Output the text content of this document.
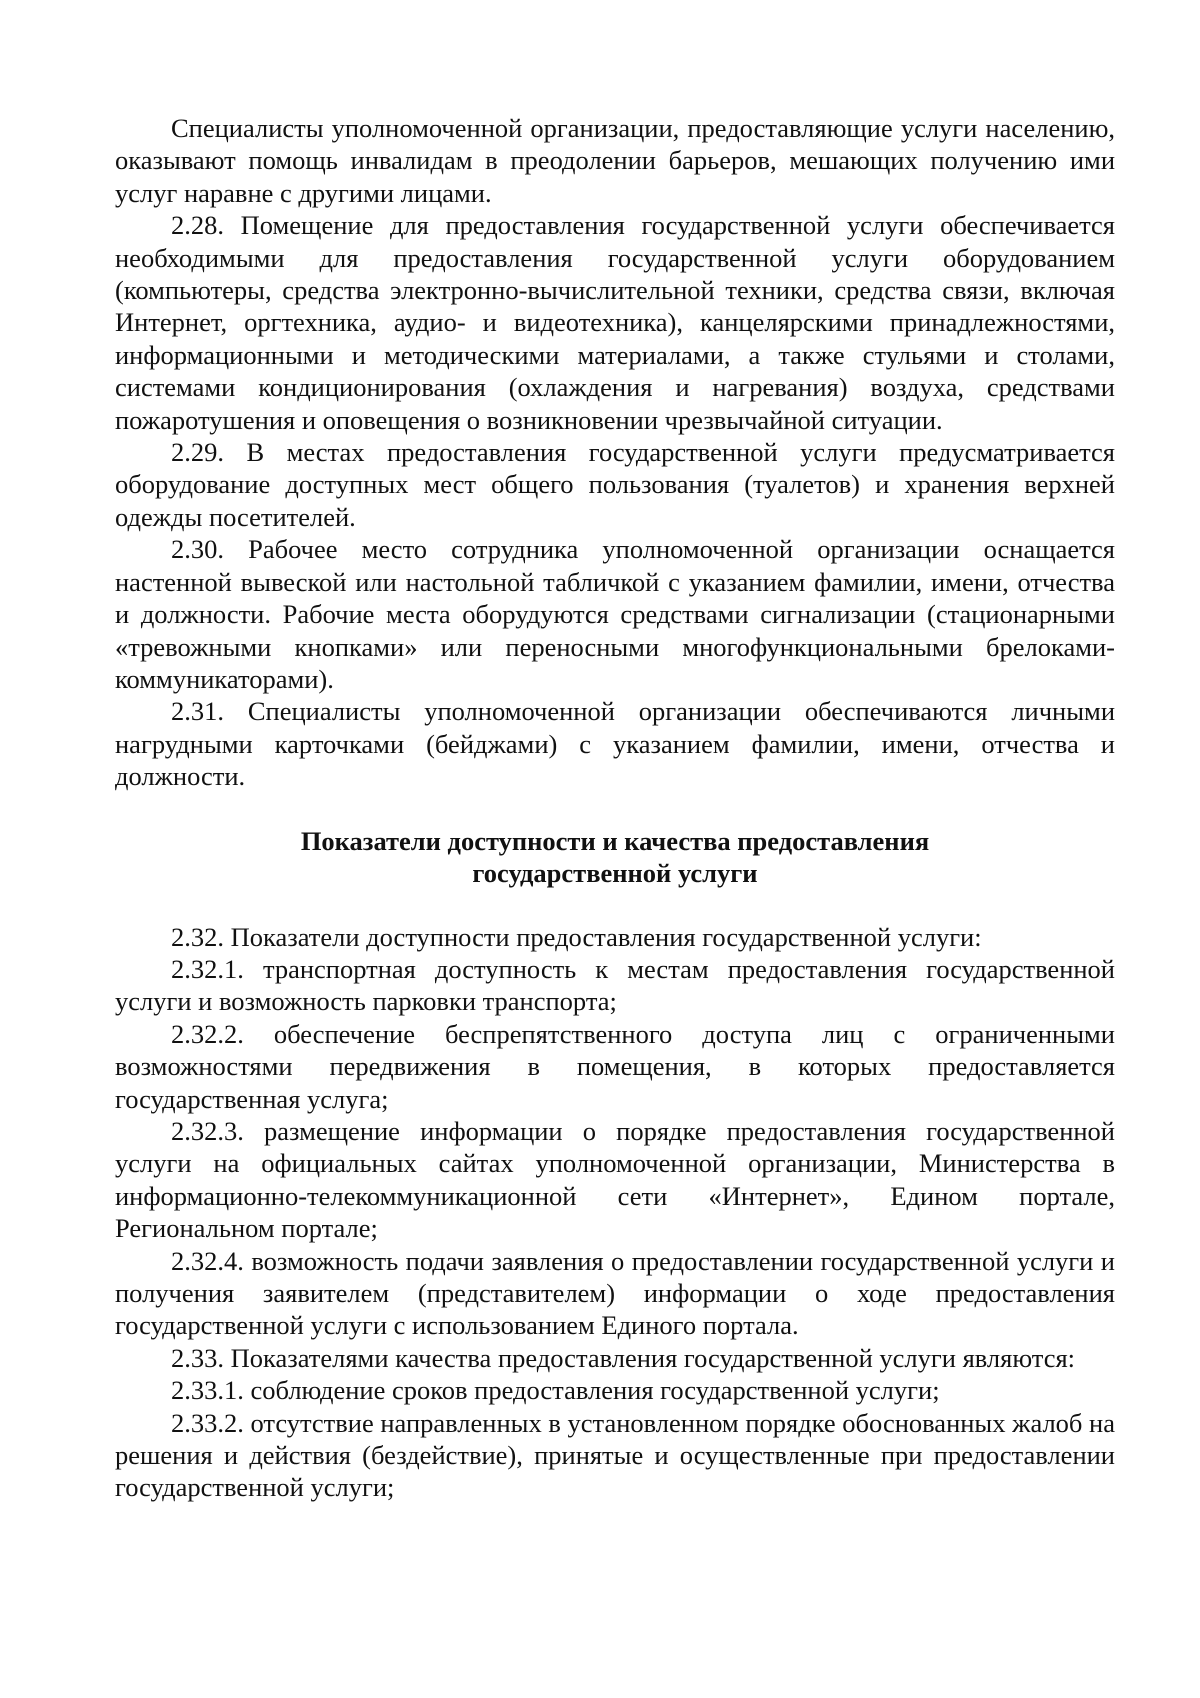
Специалисты уполномоченной организации, предоставляющие услуги населению, оказывают помощь инвалидам в преодолении барьеров, мешающих получению ими услуг наравне с другими лицами.

2.28. Помещение для предоставления государственной услуги обеспечивается необходимыми для предоставления государственной услуги оборудованием (компьютеры, средства электронно-вычислительной техники, средства связи, включая Интернет, оргтехника, аудио- и видеотехника), канцелярскими принадлежностями, информационными и методическими материалами, а также стульями и столами, системами кондиционирования (охлаждения и нагревания) воздуха, средствами пожаротушения и оповещения о возникновении чрезвычайной ситуации.

2.29. В местах предоставления государственной услуги предусматривается оборудование доступных мест общего пользования (туалетов) и хранения верхней одежды посетителей.

2.30. Рабочее место сотрудника уполномоченной организации оснащается настенной вывеской или настольной табличкой с указанием фамилии, имени, отчества и должности. Рабочие места оборудуются средствами сигнализации (стационарными «тревожными кнопками» или переносными многофункциональными брелоками-коммуникаторами).

2.31. Специалисты уполномоченной организации обеспечиваются личными нагрудными карточками (бейджами) с указанием фамилии, имени, отчества и должности.

Показатели доступности и качества предоставления
государственной услуги

2.32. Показатели доступности предоставления государственной услуги:

2.32.1. транспортная доступность к местам предоставления государственной услуги и возможность парковки транспорта;

2.32.2. обеспечение беспрепятственного доступа лиц с ограниченными возможностями передвижения в помещения, в которых предоставляется государственная услуга;

2.32.3. размещение информации о порядке предоставления государственной услуги на официальных сайтах уполномоченной организации, Министерства в информационно-телекоммуникационной сети «Интернет», Едином портале, Региональном портале;

2.32.4. возможность подачи заявления о предоставлении государственной услуги и получения заявителем (представителем) информации о ходе предоставления государственной услуги с использованием Единого портала.

2.33. Показателями качества предоставления государственной услуги являются:

2.33.1. соблюдение сроков предоставления государственной услуги;

2.33.2. отсутствие направленных в установленном порядке обоснованных жалоб на решения и действия (бездействие), принятые и осуществленные при предоставлении государственной услуги;
